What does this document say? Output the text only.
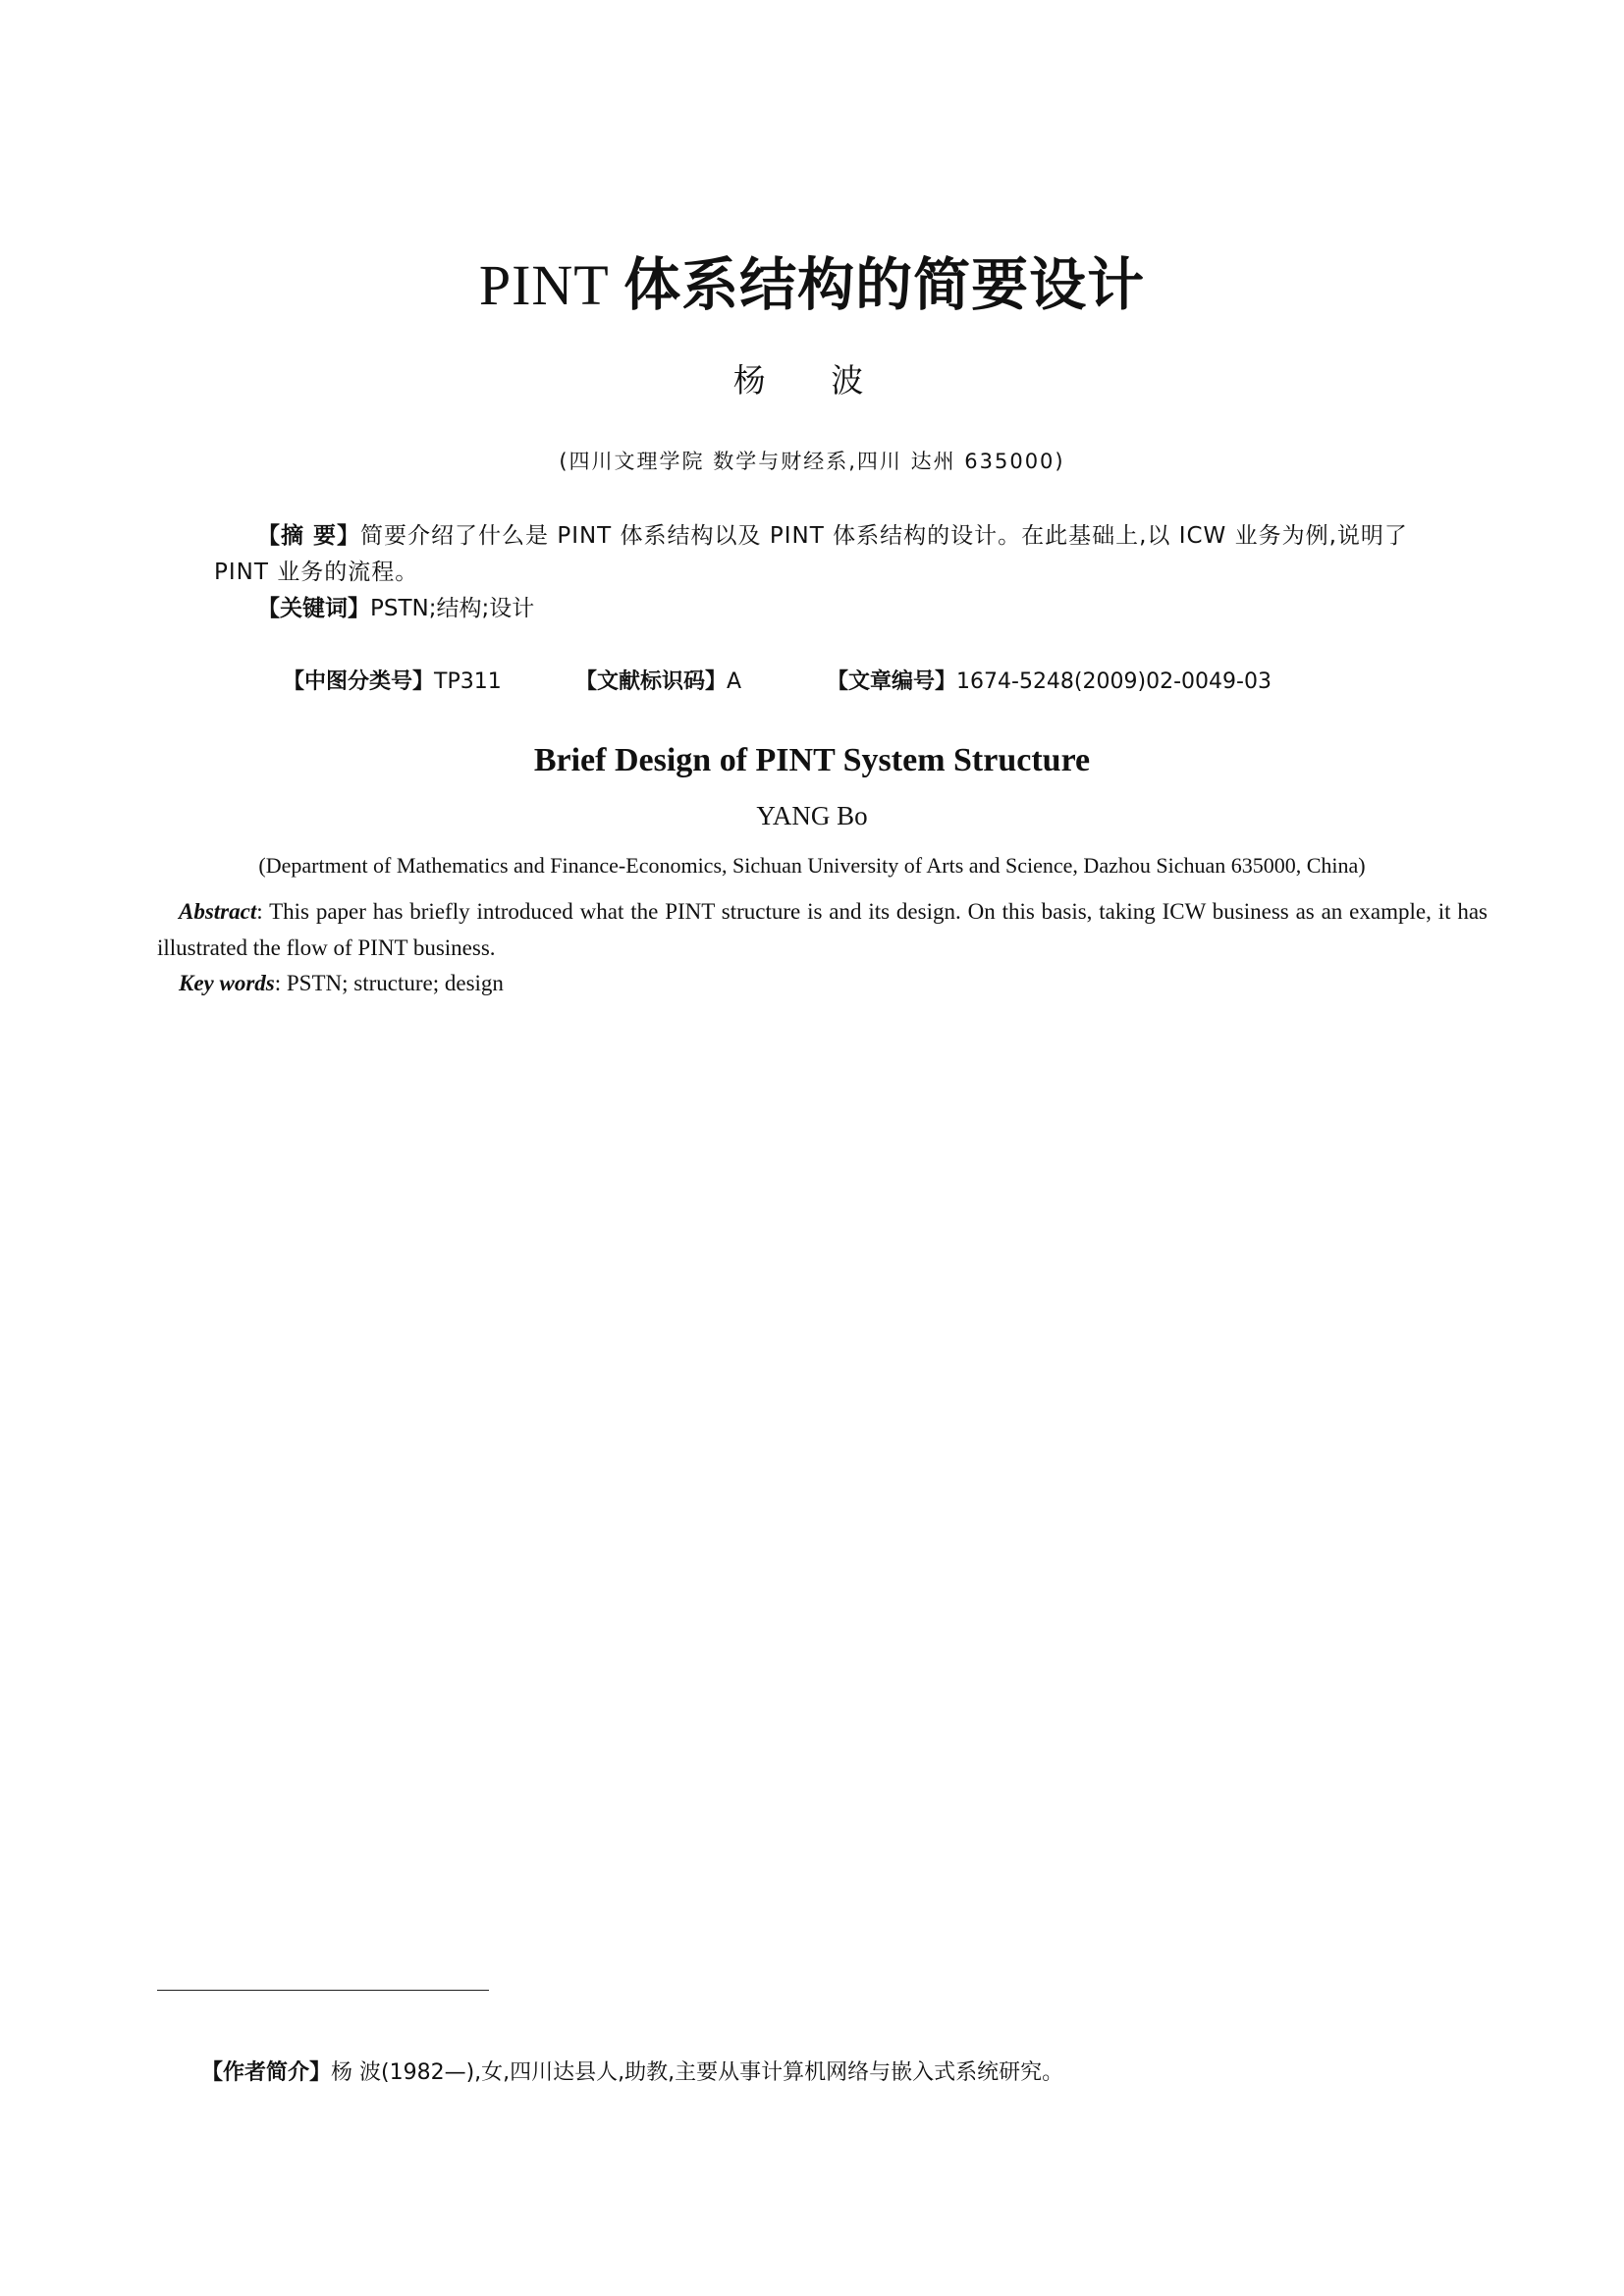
PINT 体系结构的简要设计
杨 波
(四川文理学院 数学与财经系,四川 达州 635000)
【摘 要】简要介绍了什么是 PINT 体系结构以及 PINT 体系结构的设计。在此基础上,以 ICW 业务为例,说明了 PINT 业务的流程。
【关键词】PSTN;结构;设计
【中图分类号】TP311	【文献标识码】A	【文章编号】1674-5248(2009)02-0049-03
Brief Design of PINT System Structure
YANG Bo
(Department of Mathematics and Finance-Economics, Sichuan University of Arts and Science, Dazhou Sichuan 635000, China)
Abstract: This paper has briefly introduced what the PINT structure is and its design. On this basis, taking ICW business as an example, it has illustrated the flow of PINT business.
Key words: PSTN; structure; design
【作者简介】杨 波(1982—),女,四川达县人,助教,主要从事计算机网络与嵌入式系统研究。
